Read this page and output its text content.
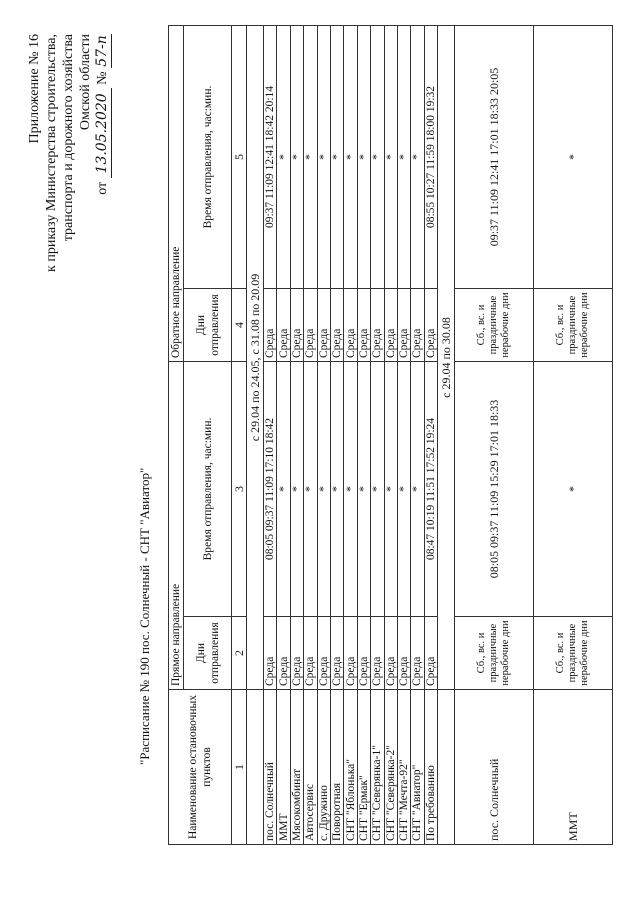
Приложение № 16 к приказу Министерства строительства, транспорта и дорожного хозяйства Омской области
от 13.05.2020 № 57-п
"Расписание № 190 пос. Солнечный - СНТ "Авиатор"
Наименование остановочных пунктов	Прямое направление		Обратное направление	
	Дни отправления	Время отправления, час:мин.	Дни отправления	Время отправления, час:мин.
1	2	3	4	5
	с 29.04 по 24.05, с 31.08 по 20.09			
пос. Солнечный	Среда	08:05 09:37 11:09 17:10 18:42	Среда	09:37 11:09 12:41 18:42 20:14
ММТ	Среда	*	Среда	*
Мясокомбинат	Среда	*	Среда	*
Автосервис	Среда	*	Среда	*
с. Дружино	Среда	*	Среда	*
Поворотная	Среда	*	Среда	*
СНТ "Яблонька"	Среда	*	Среда	*
СНТ "Ермак"	Среда	*	Среда	*
СНТ "Северянка-1"	Среда	*	Среда	*
СНТ "Северянка-2"	Среда	*	Среда	*
СНТ "Мечта-92"	Среда	*	Среда	*
СНТ "Авиатор"	Среда	*	Среда	*
По требованию	Среда	08:47 10:19 11:51 17:52 19:24	Среда	08:55 10:27 11:59 18:00 19:32
	с 29.04 по 30.08			
пос. Солнечный	Сб., вс. и праздничные нерабочие дни	08:05 09:37 11:09 15:29 17:01 18:33	Сб., вс. и праздничные нерабочие дни	09:37 11:09 12:41 17:01 18:33 20:05
ММТ	Сб., вс. и праздничные нерабочие дни	*	Сб., вс. и праздничные нерабочие дни	*
